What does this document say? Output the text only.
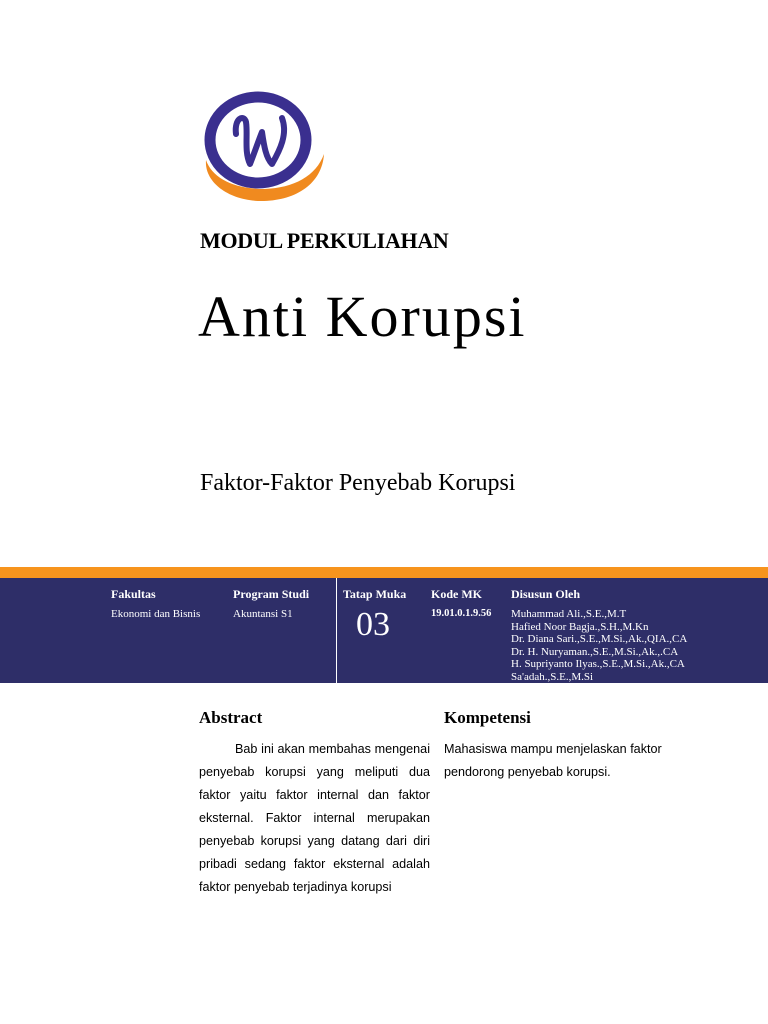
MODUL PERKULIAHAN
Anti Korupsi
Faktor-Faktor Penyebab Korupsi
Fakultas
Ekonomi dan Bisnis
Program Studi
Akuntansi S1
Tatap Muka
03
Kode MK
19.01.0.1.9.56
Disusun Oleh
Muhammad Ali.,S.E.,M.T
Hafied Noor Bagja.,S.H.,M.Kn
Dr. Diana Sari.,S.E.,M.Si.,Ak.,QIA.,CA
Dr. H. Nuryaman.,S.E.,M.Si.,Ak.,.CA
H. Supriyanto Ilyas.,S.E.,M.Si.,Ak.,CA
Sa'adah.,S.E.,M.Si
Abstract	Kompetensi
Bab ini akan membahas mengenai penyebab korupsi yang meliputi dua faktor yaitu faktor internal dan faktor eksternal. Faktor internal merupakan penyebab korupsi yang datang dari diri pribadi sedang faktor eksternal adalah faktor penyebab terjadinya korupsi
Mahasiswa mampu menjelaskan faktor pendorong penyebab korupsi.
